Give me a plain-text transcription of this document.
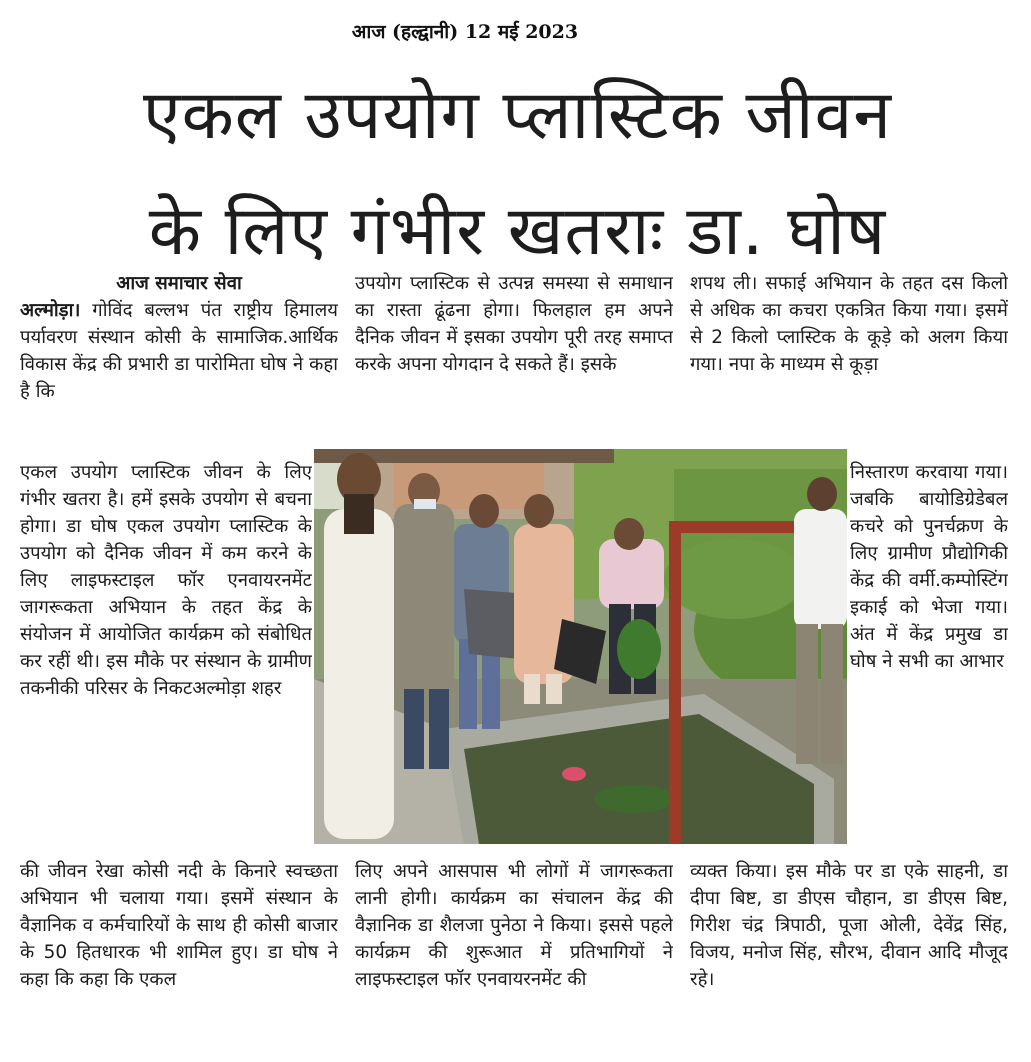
आज (हल्द्वानी) 12 मई 2023
एकल उपयोग प्लास्टिक जीवन
के लिए गंभीर खतराः डा. घोष

आज समाचार सेवा

अल्मोड़ा। गोविंद बल्लभ पंत राष्ट्रीय हिमालय पर्यावरण संस्थान कोसी के सामाजिक.आर्थिक विकास केंद्र की प्रभारी डा पारोमिता घोष ने कहा है कि

एकल उपयोग प्लास्टिक जीवन के लिए गंभीर खतरा है। हमें इसके उपयोग से बचना होगा। डा घोष एकल उपयोग प्लास्टिक के उपयोग को दैनिक जीवन में कम करने के लिए लाइफस्टाइल फॉर एनवायरनमेंट जागरूकता अभियान के तहत केंद्र के संयोजन में आयोजित कार्यक्रम को संबोधित कर रहीं थी। इस मौके पर संस्थान के ग्रामीण तकनीकी परिसर के निकटअल्मोड़ा शहर

की जीवन रेखा कोसी नदी के किनारे स्वच्छता अभियान भी चलाया गया। इसमें संस्थान के वैज्ञानिक व कर्मचारियों के साथ ही कोसी बाजार के 50 हितधारक भी शामिल हुए। डा घोष ने कहा कि कहा कि एकल

उपयोग प्लास्टिक से उत्पन्न समस्या से समाधान का रास्ता ढूंढना होगा। फिलहाल हम अपने दैनिक जीवन में इसका उपयोग पूरी तरह समाप्त करके अपना योगदान दे सकते हैं। इसके

लिए अपने आसपास भी लोगों में जागरूकता लानी होगी। कार्यक्रम का संचालन केंद्र की वैज्ञानिक डा शैलजा पुनेठा ने किया। इससे पहले कार्यक्रम की शुरूआत में प्रतिभागियों ने लाइफस्टाइल फॉर एनवायरनमेंट की

शपथ ली। सफाई अभियान के तहत दस किलो से अधिक का कचरा एकत्रित किया गया। इसमें से 2 किलो प्लास्टिक के कूड़े को अलग किया गया। नपा के माध्यम से कूड़ा

निस्तारण करवाया गया। जबकि बायोडिग्रेडेबल कचरे को पुनर्चक्रण के लिए ग्रामीण प्रौद्योगिकी केंद्र की वर्मी.कम्पोस्टिंग इकाई को भेजा गया।अंत में केंद्र प्रमुख डा घोष ने सभी का आभार

व्यक्त किया। इस मौके पर डा एके साहनी, डा दीपा बिष्ट, डा डीएस चौहान, डा डीएस बिष्ट, गिरीश चंद्र त्रिपाठी, पूजा ओली, देवेंद्र सिंह, विजय, मनोज सिंह, सौरभ, दीवान आदि मौजूद रहे।
